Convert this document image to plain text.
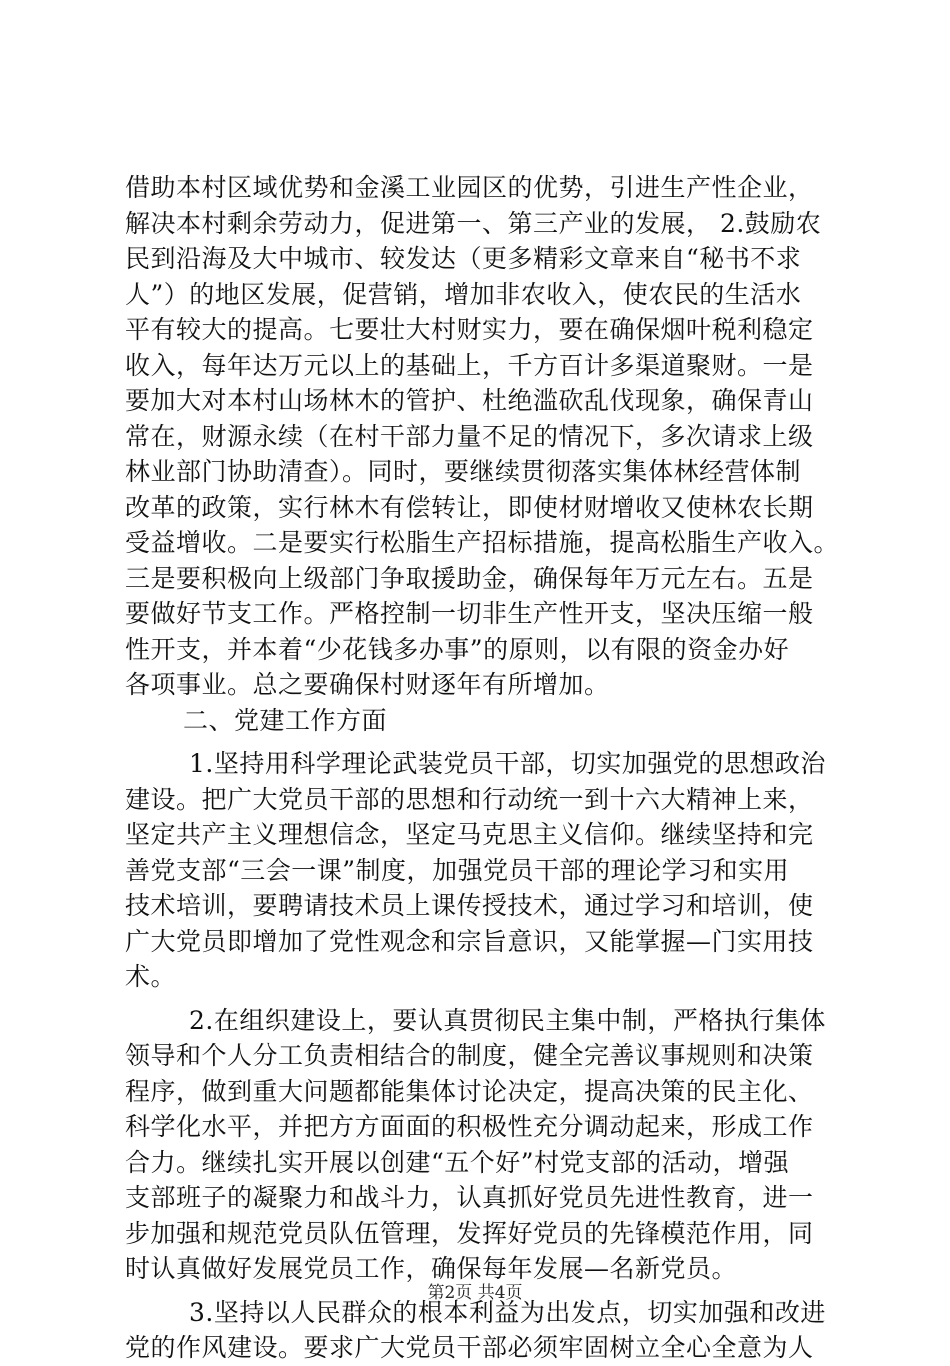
借助本村区域优势和金溪工业园区的优势，引进生产性企业，
解决本村剩余劳动力，促进第一、第三产业的发展， 2.鼓励农
民到沿海及大中城市、较发达（更多精彩文章来自“秘书不求
人”）的地区发展，促营销，增加非农收入，使农民的生活水
平有较大的提高。七要壮大村财实力，要在确保烟叶税利稳定
收入，每年达万元以上的基础上，千方百计多渠道聚财。一是
要加大对本村山场林木的管护、杜绝滥砍乱伐现象，确保青山
常在，财源永续（在村干部力量不足的情况下，多次请求上级
林业部门协助清查）。同时，要继续贯彻落实集体林经营体制
改革的政策，实行林木有偿转让，即使材财增收又使林农长期
受益增收。二是要实行松脂生产招标措施，提高松脂生产收入。
三是要积极向上级部门争取援助金，确保每年万元左右。五是
要做好节支工作。严格控制一切非生产性开支，坚决压缩一般
性开支，并本着“少花钱多办事”的原则，以有限的资金办好
各项事业。总之要确保村财逐年有所增加。
二、党建工作方面
1.坚持用科学理论武装党员干部，切实加强党的思想政治
建设。把广大党员干部的思想和行动统一到十六大精神上来，
坚定共产主义理想信念，坚定马克思主义信仰。继续坚持和完
善党支部“三会一课”制度，加强党员干部的理论学习和实用
技术培训，要聘请技术员上课传授技术，通过学习和培训，使
广大党员即增加了党性观念和宗旨意识，又能掌握—门实用技
术。
2.在组织建设上，要认真贯彻民主集中制，严格执行集体
领导和个人分工负责相结合的制度，健全完善议事规则和决策
程序，做到重大问题都能集体讨论决定，提高决策的民主化、
科学化水平，并把方方面面的积极性充分调动起来，形成工作
合力。继续扎实开展以创建“五个好”村党支部的活动，增强
支部班子的凝聚力和战斗力，认真抓好党员先进性教育，进一
步加强和规范党员队伍管理，发挥好党员的先锋模范作用，同
时认真做好发展党员工作，确保每年发展—名新党员。
3.坚持以人民群众的根本利益为出发点，切实加强和改进
党的作风建设。要求广大党员干部必须牢固树立全心全意为人
第2页 共4页
